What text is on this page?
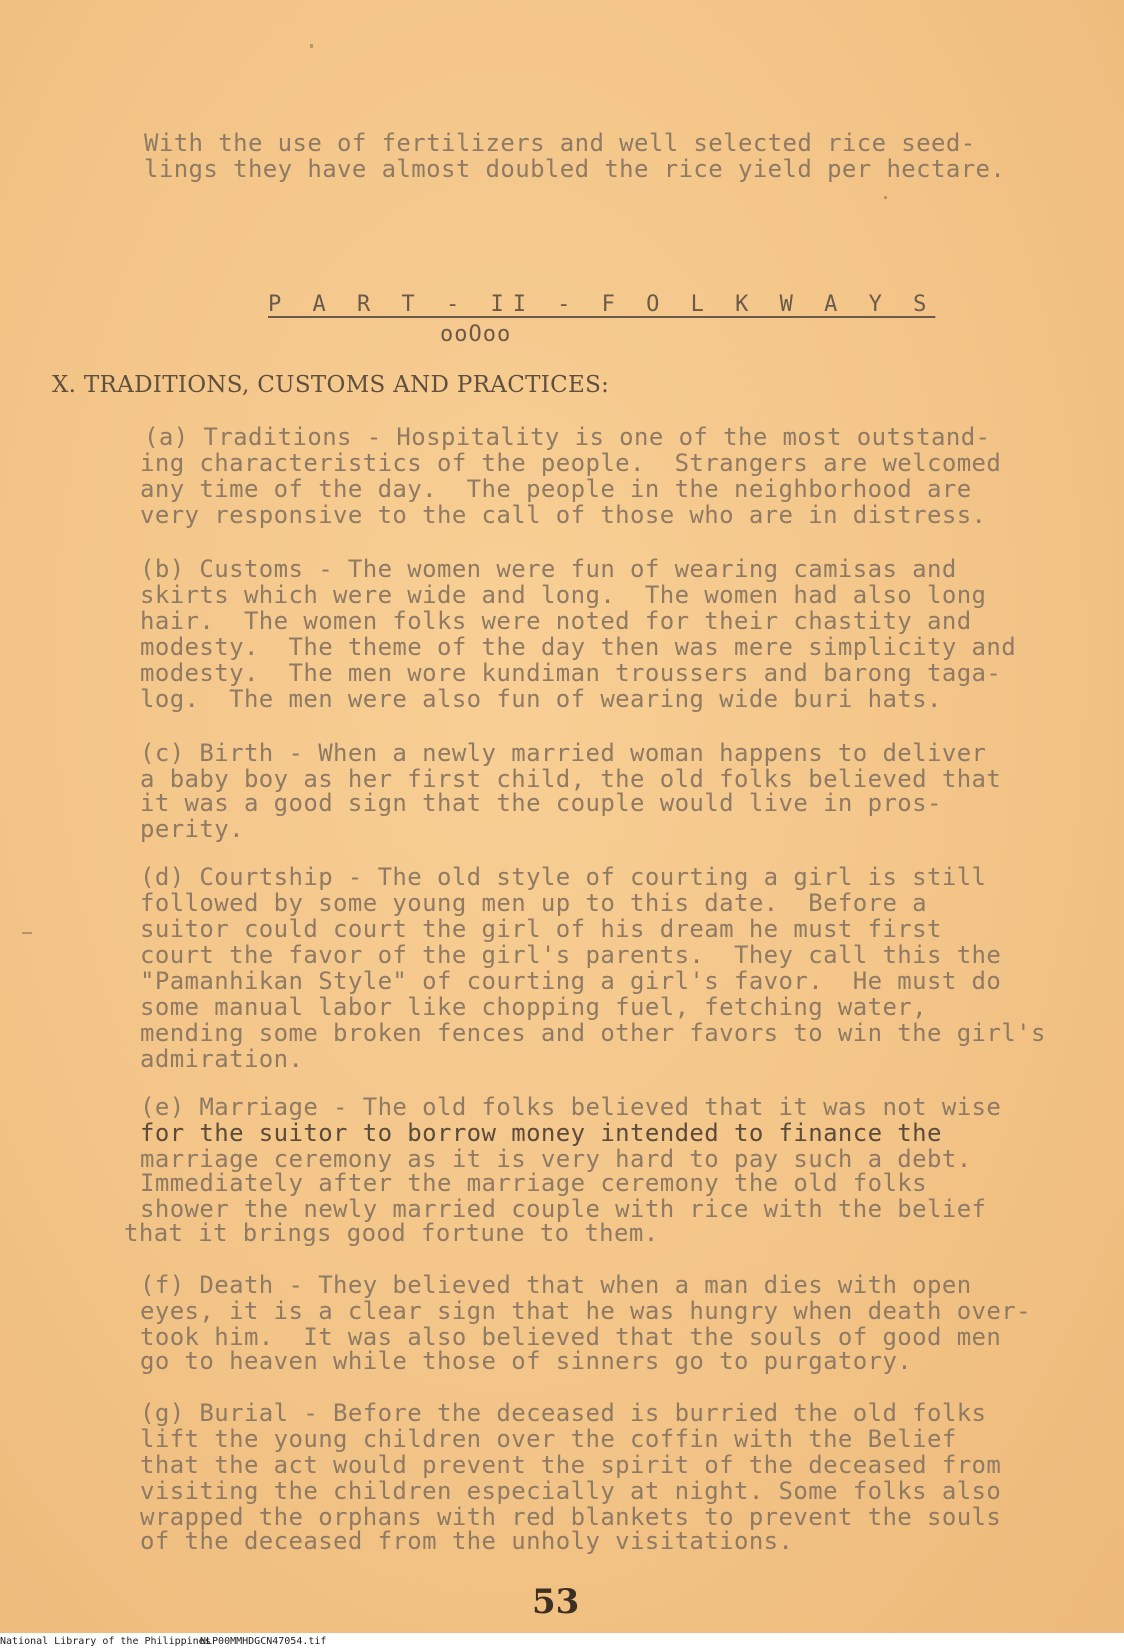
With the use of fertilizers and well selected rice seed-
lings they have almost doubled the rice yield per hectare.
P A R T - II - F O L K W A Y S
ooOoo
X. TRADITIONS, CUSTOMS AND PRACTICES:
(a) Traditions - Hospitality is one of the most outstand-
ing characteristics of the people.  Strangers are welcomed
any time of the day.  The people in the neighborhood are
very responsive to the call of those who are in distress.
(b) Customs - The women were fun of wearing camisas and
skirts which were wide and long.  The women had also long
hair.  The women folks were noted for their chastity and
modesty.  The theme of the day then was mere simplicity and
modesty.  The men wore kundiman troussers and barong taga-
log.  The men were also fun of wearing wide buri hats.
(c) Birth - When a newly married woman happens to deliver
a baby boy as her first child, the old folks believed that
it was a good sign that the couple would live in pros-
perity.
(d) Courtship - The old style of courting a girl is still
followed by some young men up to this date.  Before a
suitor could court the girl of his dream he must first
court the favor of the girl's parents.  They call this the
"Pamanhikan Style" of courting a girl's favor.  He must do
some manual labor like chopping fuel, fetching water,
mending some broken fences and other favors to win the girl's
admiration.
(e) Marriage - The old folks believed that it was not wise
for the suitor to borrow money intended to finance the
marriage ceremony as it is very hard to pay such a debt.
Immediately after the marriage ceremony the old folks
shower the newly married couple with rice with the belief
that it brings good fortune to them.
(f) Death - They believed that when a man dies with open
eyes, it is a clear sign that he was hungry when death over-
took him.  It was also believed that the souls of good men
go to heaven while those of sinners go to purgatory.
(g) Burial - Before the deceased is burried the old folks
lift the young children over the coffin with the Belief
that the act would prevent the spirit of the deceased from
visiting the children especially at night. Some folks also
wrapped the orphans with red blankets to prevent the souls
of the deceased from the unholy visitations.
53
National Library of the Philippines
NLP00MMHDGCN47054.tif
